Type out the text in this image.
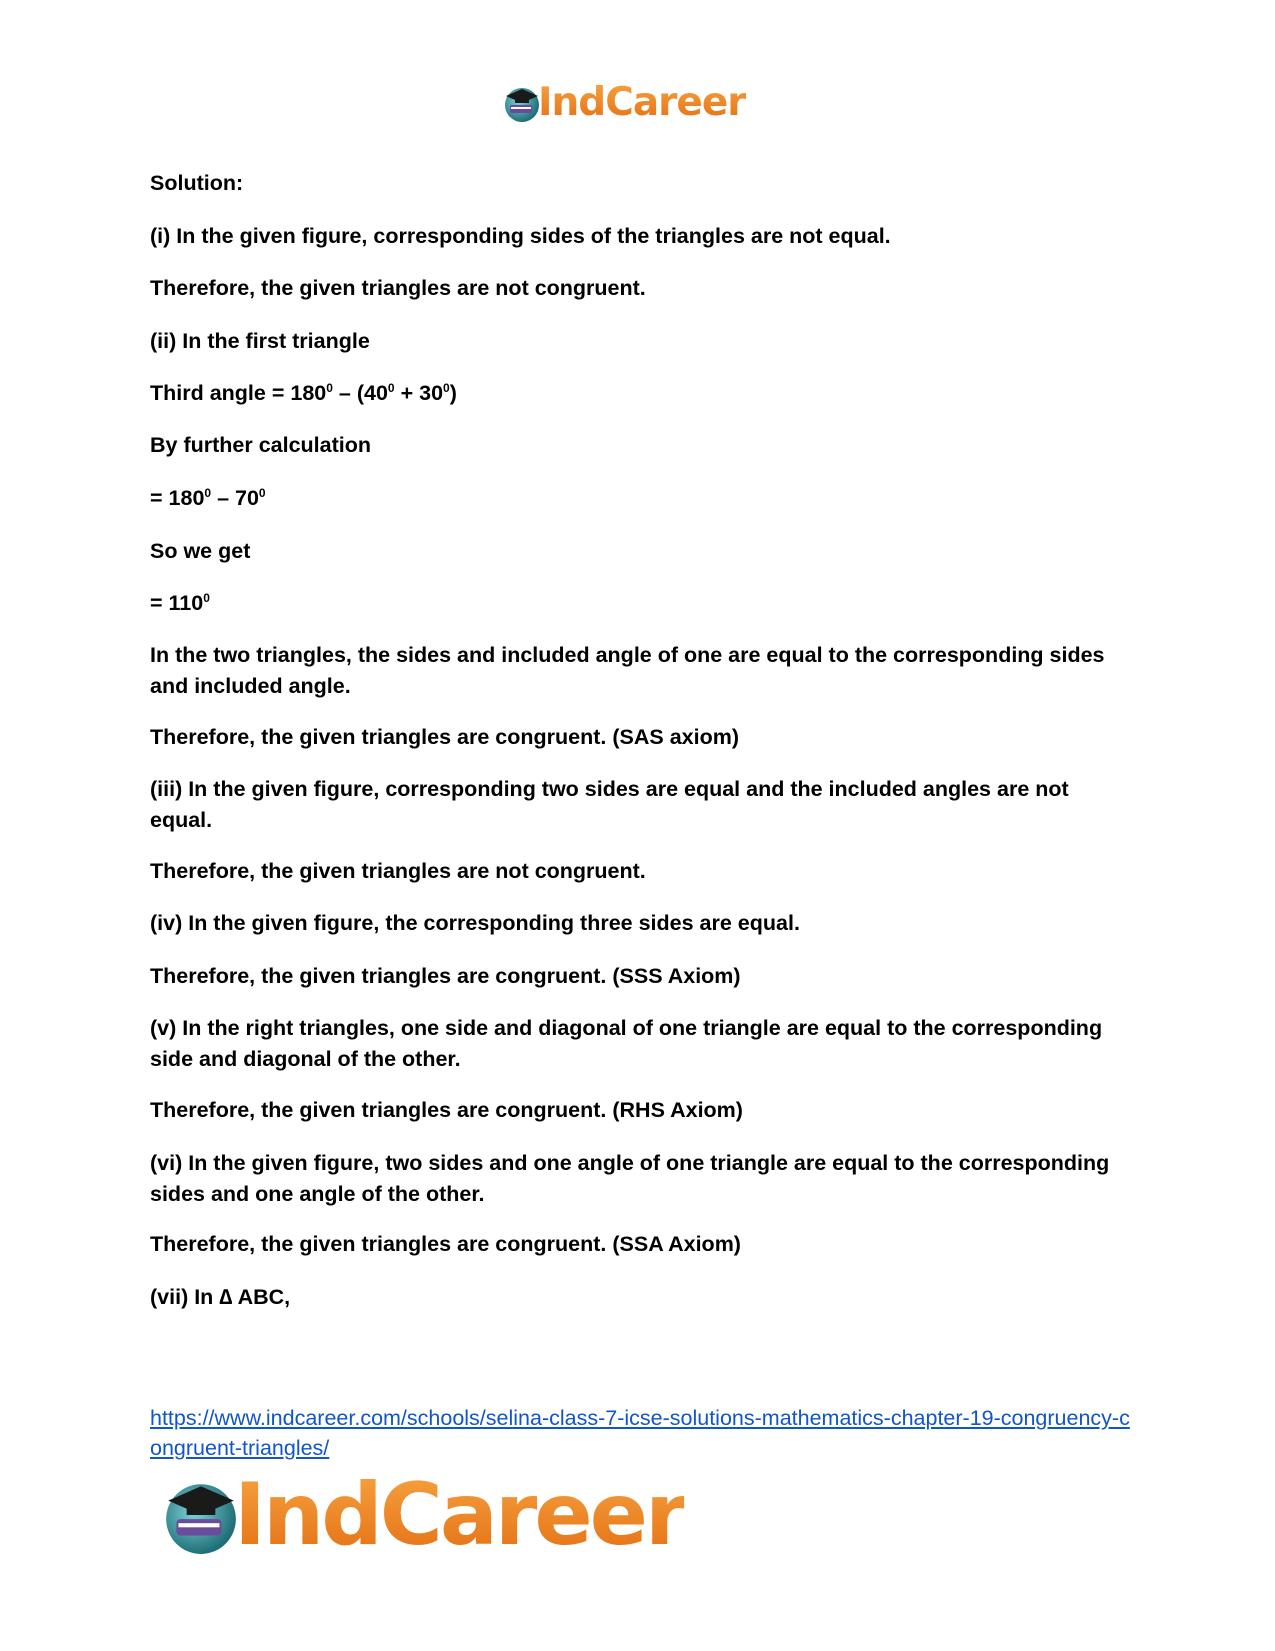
IndCareer
Solution:
(i) In the given figure, corresponding sides of the triangles are not equal.
Therefore, the given triangles are not congruent.
(ii) In the first triangle
Third angle = $180^0 - (40^0 + 30^0)$
By further calculation
= $180^0 - 70^0$
So we get
= $110^0$
In the two triangles, the sides and included angle of one are equal to the corresponding sides and included angle.
Therefore, the given triangles are congruent. (SAS axiom)
(iii) In the given figure, corresponding two sides are equal and the included angles are not equal.
Therefore, the given triangles are not congruent.
(iv) In the given figure, the corresponding three sides are equal.
Therefore, the given triangles are congruent. (SSS Axiom)
(v) In the right triangles, one side and diagonal of one triangle are equal to the corresponding side and diagonal of the other.
Therefore, the given triangles are congruent. (RHS Axiom)
(vi) In the given figure, two sides and one angle of one triangle are equal to the corresponding sides and one angle of the other.
Therefore, the given triangles are congruent. (SSA Axiom)
(vii) In ∆ ABC,
https://www.indcareer.com/schools/selina-class-7-icse-solutions-mathematics-chapter-19-congruency-congruent-triangles/
IndCareer
